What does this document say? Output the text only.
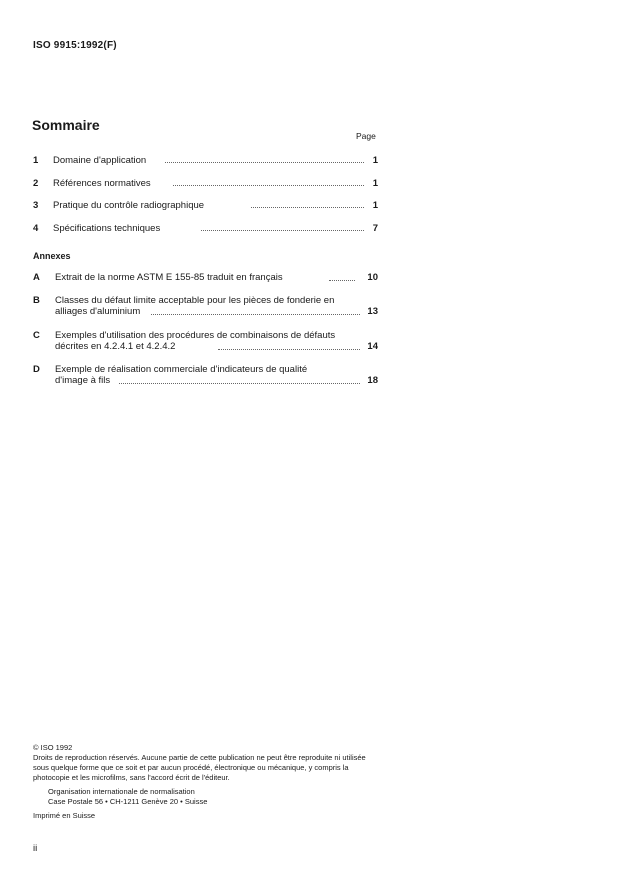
ISO 9915:1992(F)
Sommaire
Page
1	Domaine d'application	1
2	Références normatives	1
3	Pratique du contrôle radiographique	1
4	Spécifications techniques	7
Annexes
A Extrait de la norme ASTM E 155-85 traduit en français	10
B Classes du défaut limite acceptable pour les pièces de fonderie en
alliages d'aluminium	13
C Exemples d'utilisation des procédures de combinaisons de défauts
décrites en 4.2.4.1 et 4.2.4.2	14
D Exemple de réalisation commerciale d'indicateurs de qualité
d'image à fils	18
© ISO 1992
Droits de reproduction réservés. Aucune partie de cette publication ne peut être reproduite ni utilisée sous quelque forme que ce soit et par aucun procédé, électronique ou mécanique, y compris la photocopie et les microfilms, sans l'accord écrit de l'éditeur.
Organisation internationale de normalisation
Case Postale 56 • CH-1211 Genève 20 • Suisse
Imprimé en Suisse
ii
